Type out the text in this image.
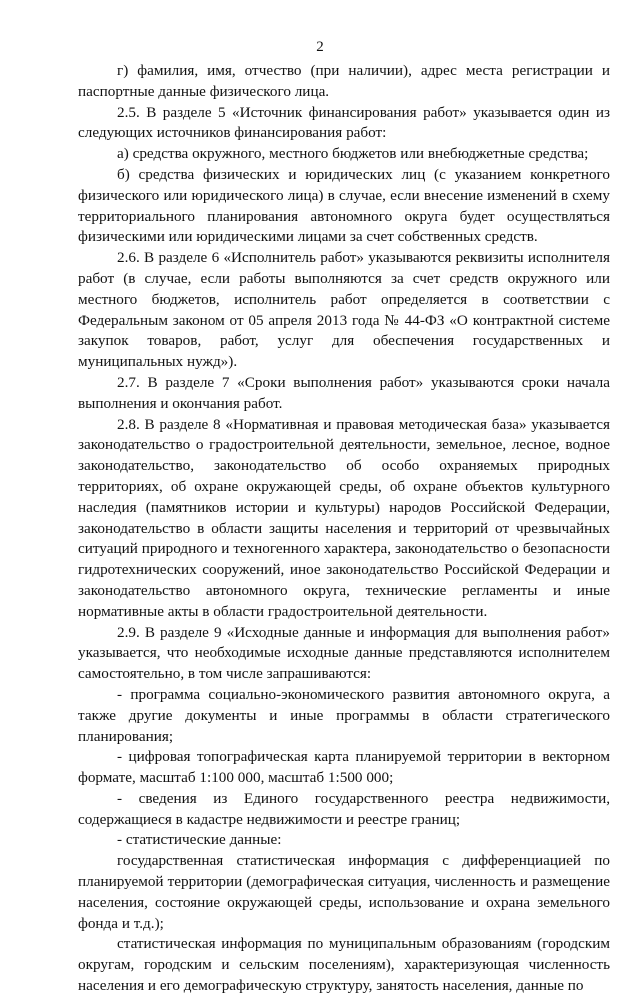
2

г) фамилия, имя, отчество (при наличии), адрес места регистрации и паспортные данные физического лица.

2.5. В разделе 5 «Источник финансирования работ» указывается один из следующих источников финансирования работ:

а) средства окружного, местного бюджетов или внебюджетные средства;

б) средства физических и юридических лиц (с указанием конкретного физического или юридического лица) в случае, если внесение изменений в схему территориального планирования автономного округа будет осуществляться физическими или юридическими лицами за счет собственных средств.

2.6. В разделе 6 «Исполнитель работ» указываются реквизиты исполнителя работ (в случае, если работы выполняются за счет средств окружного или местного бюджетов, исполнитель работ определяется в соответствии с Федеральным законом от 05 апреля 2013 года № 44-ФЗ «О контрактной системе закупок товаров, работ, услуг для обеспечения государственных и муниципальных нужд»).

2.7. В разделе 7 «Сроки выполнения работ» указываются сроки начала выполнения и окончания работ.

2.8. В разделе 8 «Нормативная и правовая методическая база» указывается законодательство о градостроительной деятельности, земельное, лесное, водное законодательство, законодательство об особо охраняемых природных территориях, об охране окружающей среды, об охране объектов культурного наследия (памятников истории и культуры) народов Российской Федерации, законодательство в области защиты населения и территорий от чрезвычайных ситуаций природного и техногенного характера, законодательство о безопасности гидротехнических сооружений, иное законодательство Российской Федерации и законодательство автономного округа, технические регламенты и иные нормативные акты в области градостроительной деятельности.

2.9. В разделе 9 «Исходные данные и информация для выполнения работ» указывается, что необходимые исходные данные представляются исполнителем самостоятельно, в том числе запрашиваются:

- программа социально-экономического развития автономного округа, а также другие документы и иные программы в области стратегического планирования;

- цифровая топографическая карта планируемой территории в векторном формате, масштаб 1:100 000, масштаб 1:500 000;

- сведения из Единого государственного реестра недвижимости, содержащиеся в кадастре недвижимости и реестре границ;

- статистические данные:

государственная статистическая информация с дифференциацией по планируемой территории (демографическая ситуация, численность и размещение населения, состояние окружающей среды, использование и охрана земельного фонда и т.д.);

статистическая информация по муниципальным образованиям (городским округам, городским и сельским поселениям), характеризующая численность населения и его демографическую структуру, занятость населения, данные по
